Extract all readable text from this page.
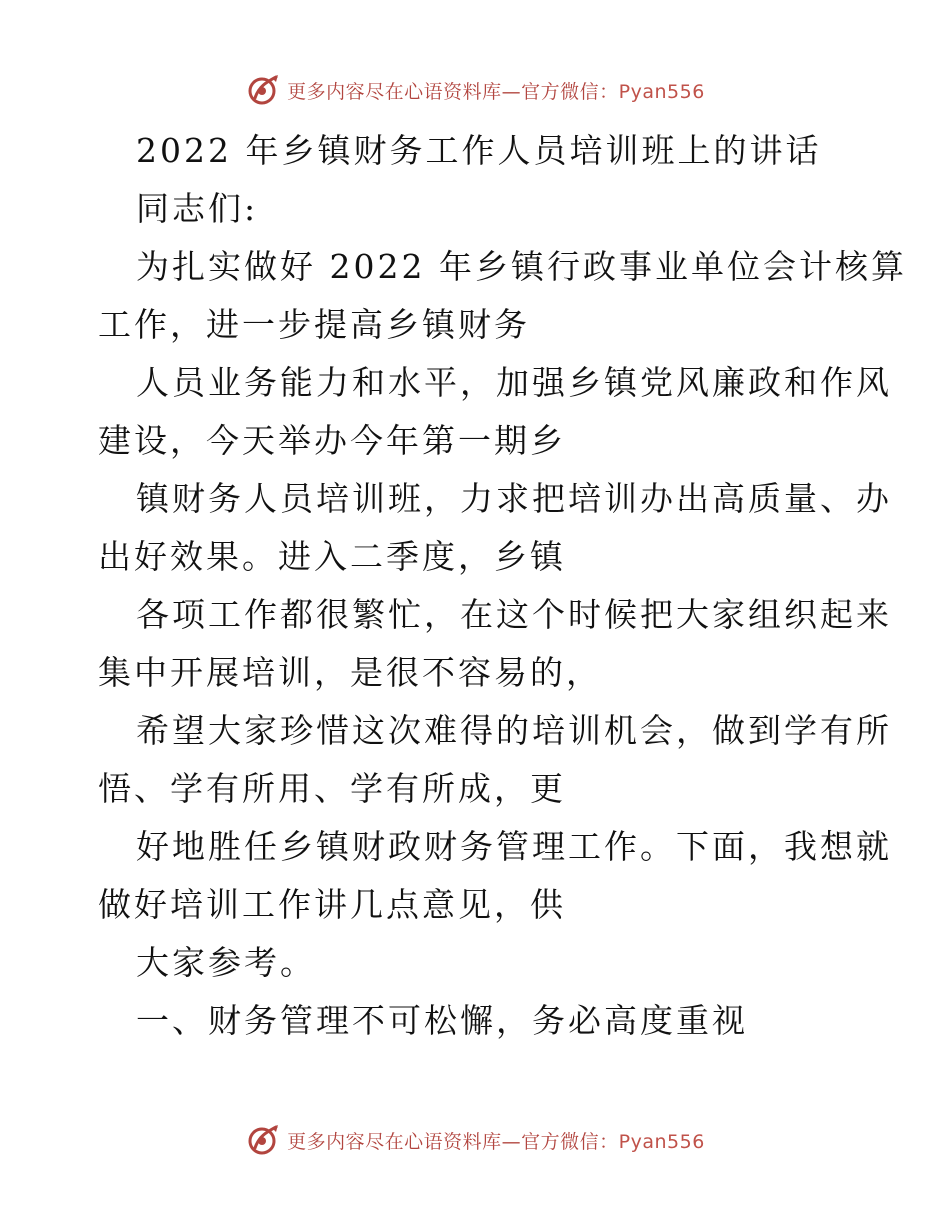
更多内容尽在心语资料库—官方微信：Pyan556
2022 年乡镇财务工作人员培训班上的讲话
同志们:
为扎实做好 2022 年乡镇行政事业单位会计核算
工作，进一步提高乡镇财务
人员业务能力和水平，加强乡镇党风廉政和作风
建设，今天举办今年第一期乡
镇财务人员培训班，力求把培训办出高质量、办
出好效果。进入二季度，乡镇
各项工作都很繁忙，在这个时候把大家组织起来
集中开展培训，是很不容易的，
希望大家珍惜这次难得的培训机会，做到学有所
悟、学有所用、学有所成，更
好地胜任乡镇财政财务管理工作。下面，我想就
做好培训工作讲几点意见，供
大家参考。
一、财务管理不可松懈，务必高度重视
更多内容尽在心语资料库—官方微信：Pyan556
